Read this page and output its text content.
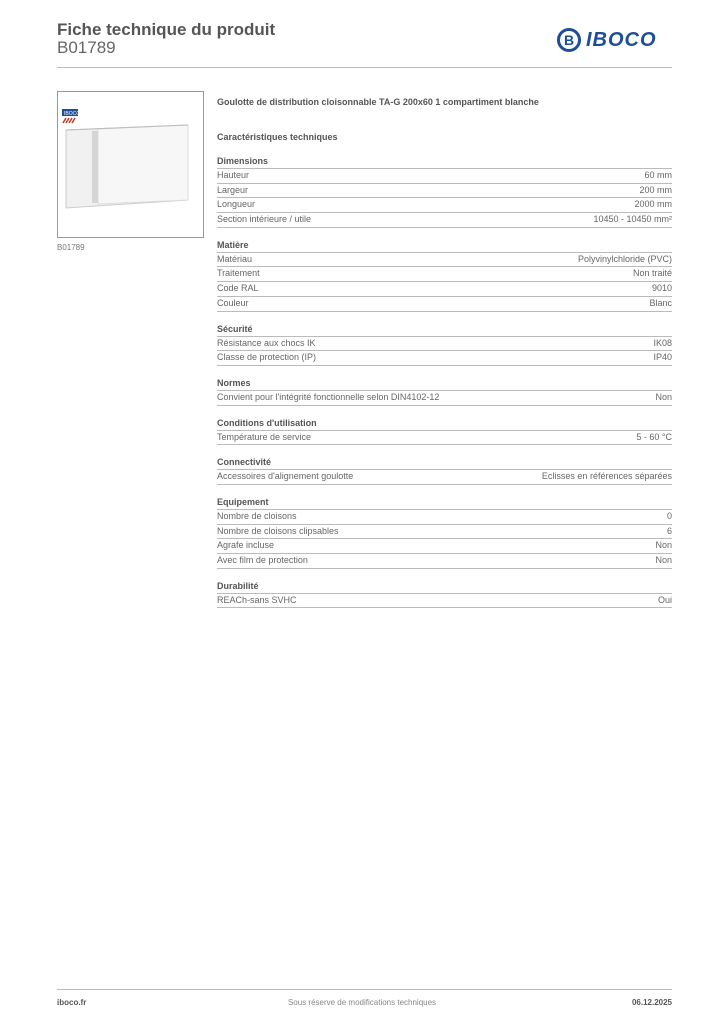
Fiche technique du produit
B01789	B IBOCO
IBOCO
B01789
Goulotte de distribution cloisonnable TA-G 200x60 1 compartiment blanche
Caractéristiques techniques
Dimensions
Hauteur	60 mm
Largeur	200 mm
Longueur	2000 mm
Section intérieure / utile	10450 - 10450 mm²
Matière
Matériau	Polyvinylchloride (PVC)
Traitement	Non traité
Code RAL	9010
Couleur	Blanc
Sécurité
Résistance aux chocs IK	IK08
Classe de protection (IP)	IP40
Normes
Convient pour l'intégrité fonctionnelle selon DIN4102-12	Non
Conditions d'utilisation
Température de service	5 - 60 °C
Connectivité
Accessoires d'alignement goulotte	Eclisses en références séparées
Equipement
Nombre de cloisons	0
Nombre de cloisons clipsables	6
Agrafe incluse	Non
Avec film de protection	Non
Durabilité
REACh-sans SVHC	Oui
iboco.fr	Sous réserve de modifications techniques	06.12.2025
